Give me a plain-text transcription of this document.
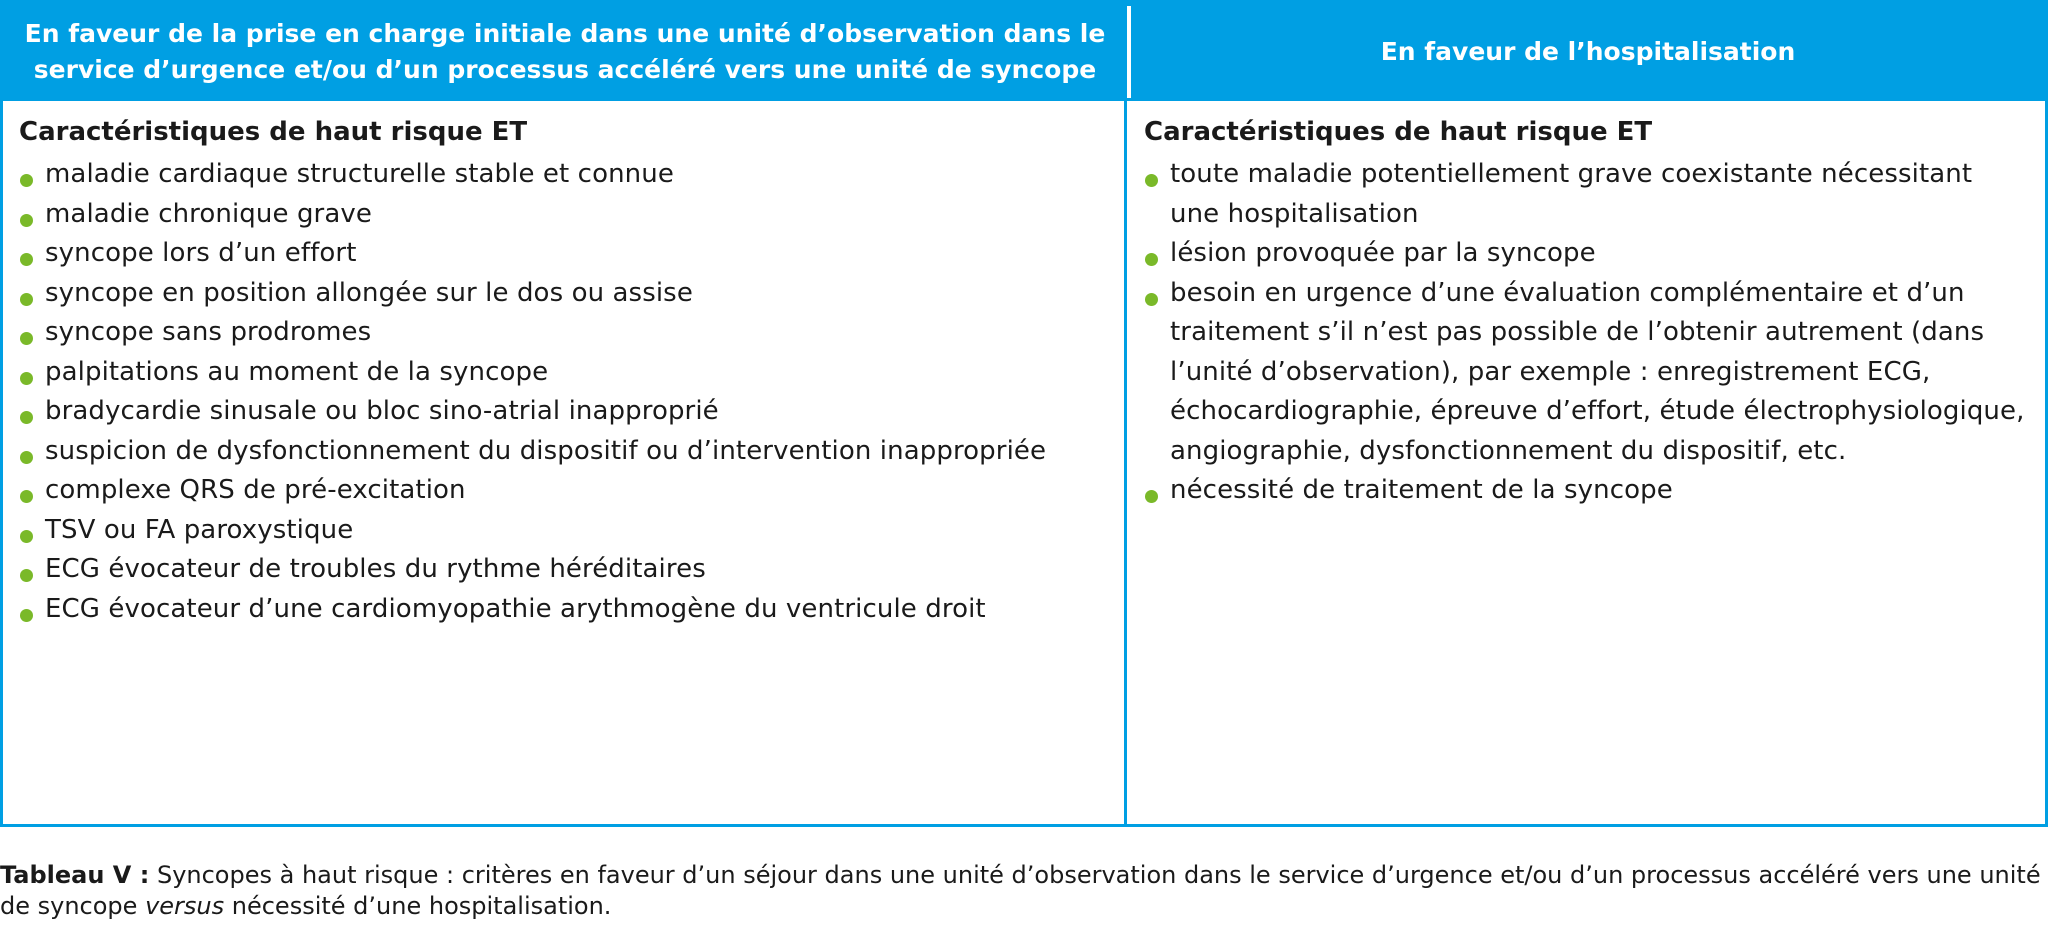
En faveur de la prise en charge initiale dans une unité d’observation dans le service d’urgence et/ou d’un processus accéléré vers une unité de syncope
En faveur de l’hospitalisation
Caractéristiques de haut risque ET
maladie cardiaque structurelle stable et connue
maladie chronique grave
syncope lors d’un effort
syncope en position allongée sur le dos ou assise
syncope sans prodromes
palpitations au moment de la syncope
bradycardie sinusale ou bloc sino-atrial inapproprié
suspicion de dysfonctionnement du dispositif ou d’intervention inappropriée
complexe QRS de pré-excitation
TSV ou FA paroxystique
ECG évocateur de troubles du rythme héréditaires
ECG évocateur d’une cardiomyopathie arythmogène du ventricule droit
Caractéristiques de haut risque ET
toute maladie potentiellement grave coexistante nécessitant une hospitalisation
lésion provoquée par la syncope
besoin en urgence d’une évaluation complémentaire et d’un traitement s’il n’est pas possible de l’obtenir autrement (dans l’unité d’observation), par exemple : enregistrement ECG, échocardiographie, épreuve d’effort, étude électrophysiologique, angiographie, dysfonctionnement du dispositif, etc.
nécessité de traitement de la syncope
Tableau V : Syncopes à haut risque : critères en faveur d’un séjour dans une unité d’observation dans le service d’urgence et/ou d’un processus accéléré vers une unité de syncope versus nécessité d’une hospitalisation.
